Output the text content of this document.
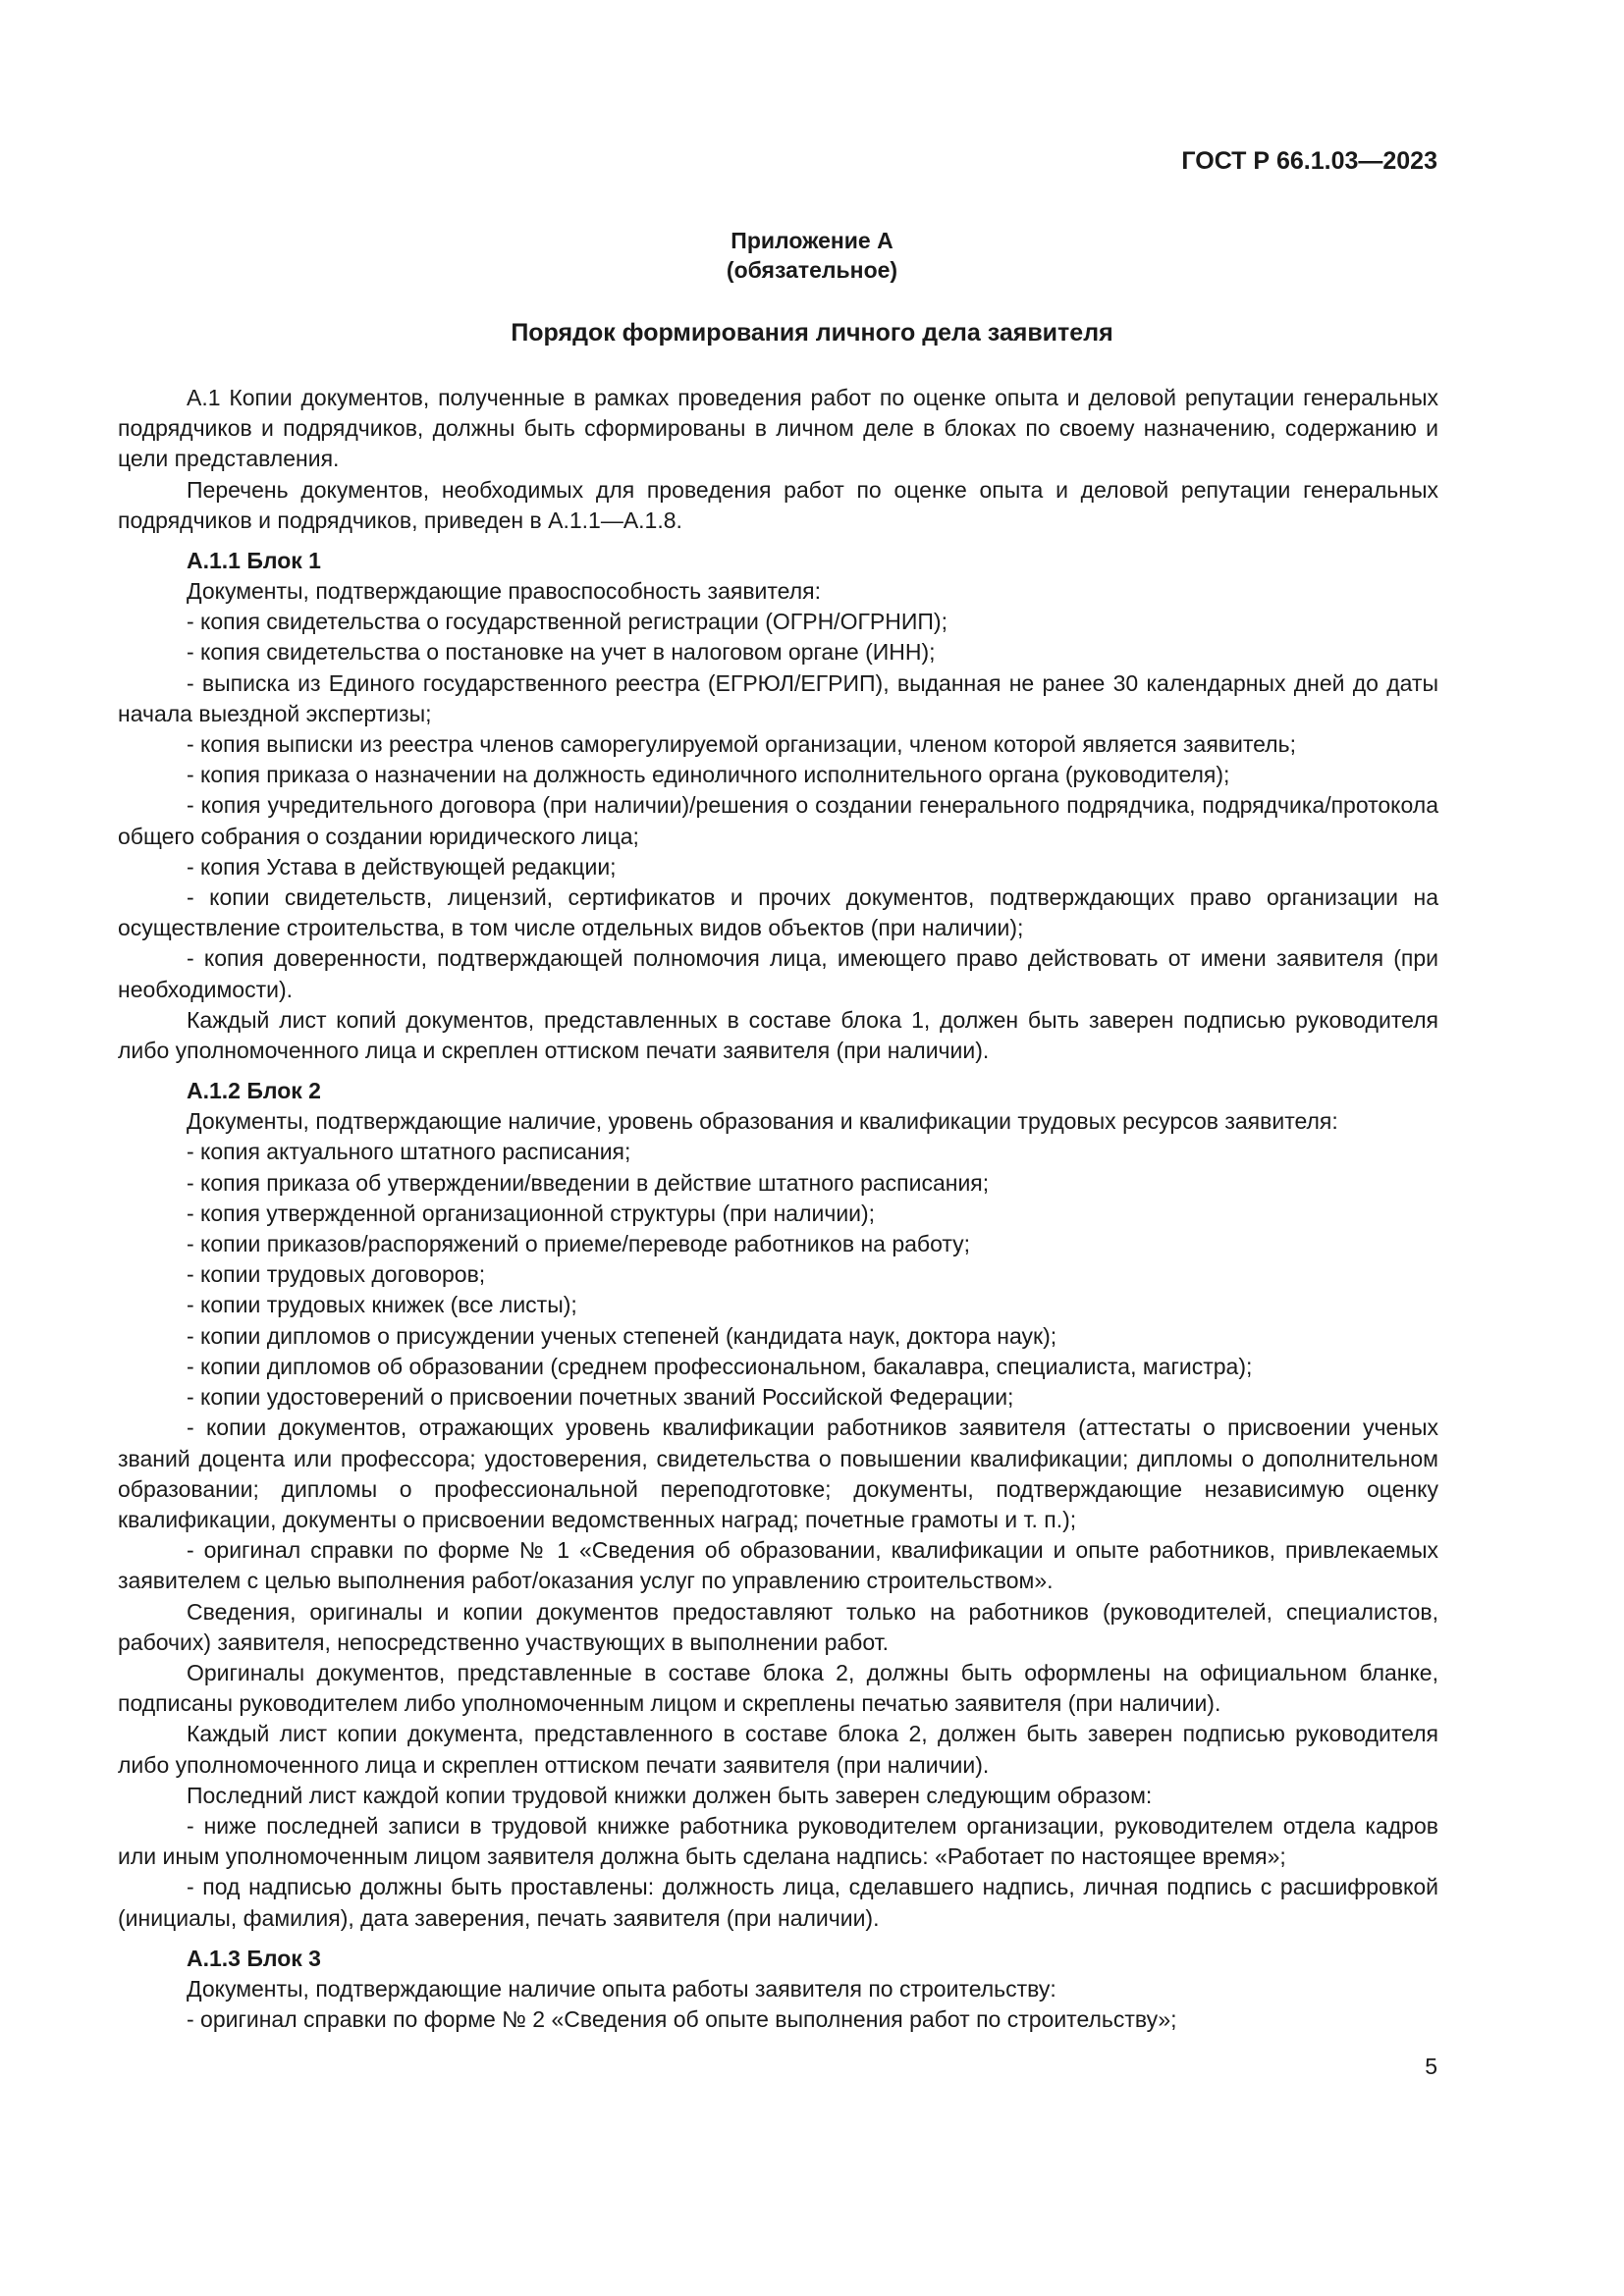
ГОСТ Р 66.1.03—2023
Приложение А
(обязательное)
Порядок формирования личного дела заявителя

А.1 Копии документов, полученные в рамках проведения работ по оценке опыта и деловой репутации генеральных подрядчиков и подрядчиков, должны быть сформированы в личном деле в блоках по своему назначению, содержанию и цели представления.

Перечень документов, необходимых для проведения работ по оценке опыта и деловой репутации генеральных подрядчиков и подрядчиков, приведен в А.1.1—А.1.8.

А.1.1 Блок 1

Документы, подтверждающие правоспособность заявителя:

- копия свидетельства о государственной регистрации (ОГРН/ОГРНИП);

- копия свидетельства о постановке на учет в налоговом органе (ИНН);

- выписка из Единого государственного реестра (ЕГРЮЛ/ЕГРИП), выданная не ранее 30 календарных дней до даты начала выездной экспертизы;

- копия выписки из реестра членов саморегулируемой организации, членом которой является заявитель;

- копия приказа о назначении на должность единоличного исполнительного органа (руководителя);

- копия учредительного договора (при наличии)/решения о создании генерального подрядчика, подрядчика/протокола общего собрания о создании юридического лица;

- копия Устава в действующей редакции;

- копии свидетельств, лицензий, сертификатов и прочих документов, подтверждающих право организации на осуществление строительства, в том числе отдельных видов объектов (при наличии);

- копия доверенности, подтверждающей полномочия лица, имеющего право действовать от имени заявителя (при необходимости).

Каждый лист копий документов, представленных в составе блока 1, должен быть заверен подписью руководителя либо уполномоченного лица и скреплен оттиском печати заявителя (при наличии).

А.1.2 Блок 2

Документы, подтверждающие наличие, уровень образования и квалификации трудовых ресурсов заявителя:

- копия актуального штатного расписания;

- копия приказа об утверждении/введении в действие штатного расписания;

- копия утвержденной организационной структуры (при наличии);

- копии приказов/распоряжений о приеме/переводе работников на работу;

- копии трудовых договоров;

- копии трудовых книжек (все листы);

- копии дипломов о присуждении ученых степеней (кандидата наук, доктора наук);

- копии дипломов об образовании (среднем профессиональном, бакалавра, специалиста, магистра);

- копии удостоверений о присвоении почетных званий Российской Федерации;

- копии документов, отражающих уровень квалификации работников заявителя (аттестаты о присвоении ученых званий доцента или профессора; удостоверения, свидетельства о повышении квалификации; дипломы о дополнительном образовании; дипломы о профессиональной переподготовке; документы, подтверждающие независимую оценку квалификации, документы о присвоении ведомственных наград; почетные грамоты и т. п.);

- оригинал справки по форме № 1 «Сведения об образовании, квалификации и опыте работников, привлекаемых заявителем с целью выполнения работ/оказания услуг по управлению строительством».

Сведения, оригиналы и копии документов предоставляют только на работников (руководителей, специалистов, рабочих) заявителя, непосредственно участвующих в выполнении работ.

Оригиналы документов, представленные в составе блока 2, должны быть оформлены на официальном бланке, подписаны руководителем либо уполномоченным лицом и скреплены печатью заявителя (при наличии).

Каждый лист копии документа, представленного в составе блока 2, должен быть заверен подписью руководителя либо уполномоченного лица и скреплен оттиском печати заявителя (при наличии).

Последний лист каждой копии трудовой книжки должен быть заверен следующим образом:

- ниже последней записи в трудовой книжке работника руководителем организации, руководителем отдела кадров или иным уполномоченным лицом заявителя должна быть сделана надпись: «Работает по настоящее время»;

- под надписью должны быть проставлены: должность лица, сделавшего надпись, личная подпись с расшифровкой (инициалы, фамилия), дата заверения, печать заявителя (при наличии).

А.1.3 Блок 3

Документы, подтверждающие наличие опыта работы заявителя по строительству:

- оригинал справки по форме № 2 «Сведения об опыте выполнения работ по строительству»;

5
